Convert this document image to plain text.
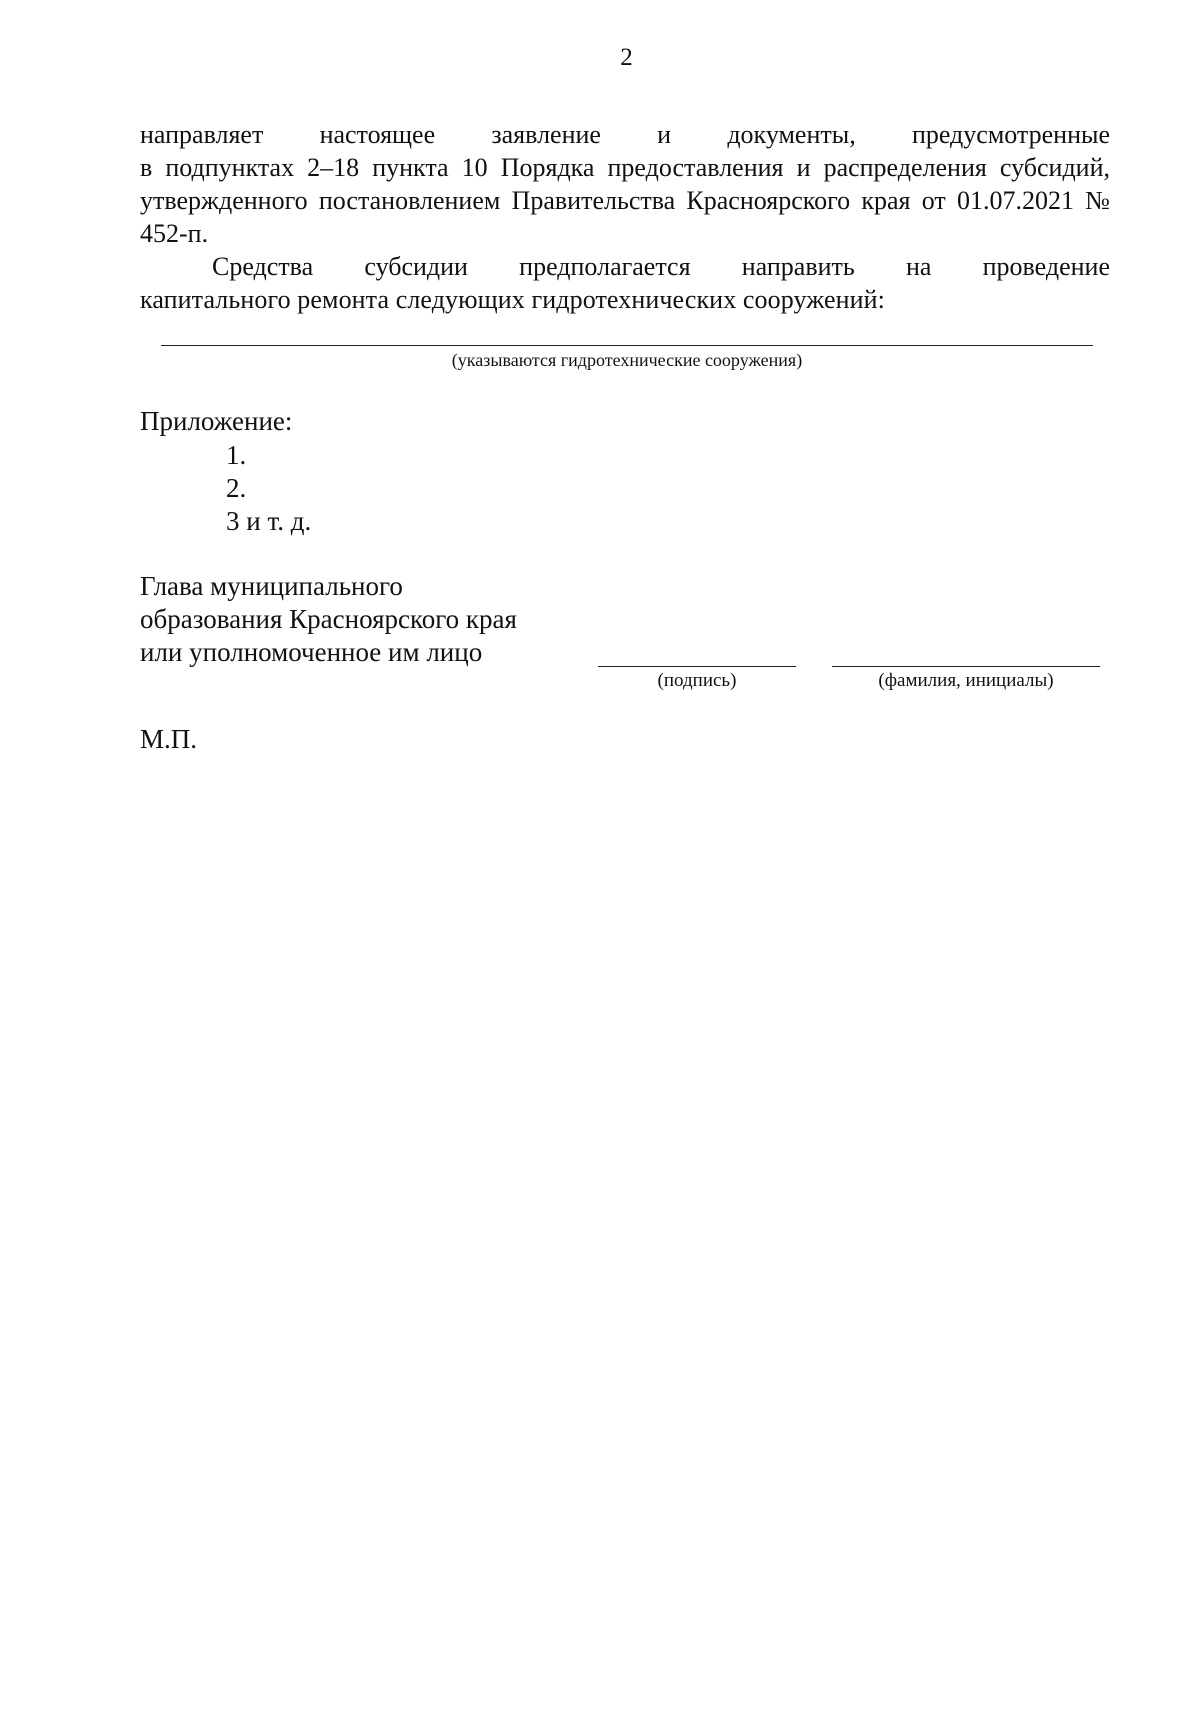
2
направляет настоящее заявление и документы, предусмотренные
в подпунктах 2–18 пункта 10 Порядка предоставления и распределения субсидий, утвержденного постановлением Правительства Красноярского края от 01.07.2021 № 452-п.
Средства субсидии предполагается направить на проведение
капитального ремонта следующих гидротехнических сооружений:
(указываются гидротехнические сооружения)
Приложение:
1.
2.
3 и т. д.
Глава муниципального
образования Красноярского края
или уполномоченное им лицо
(подпись)	(фамилия, инициалы)
М.П.
